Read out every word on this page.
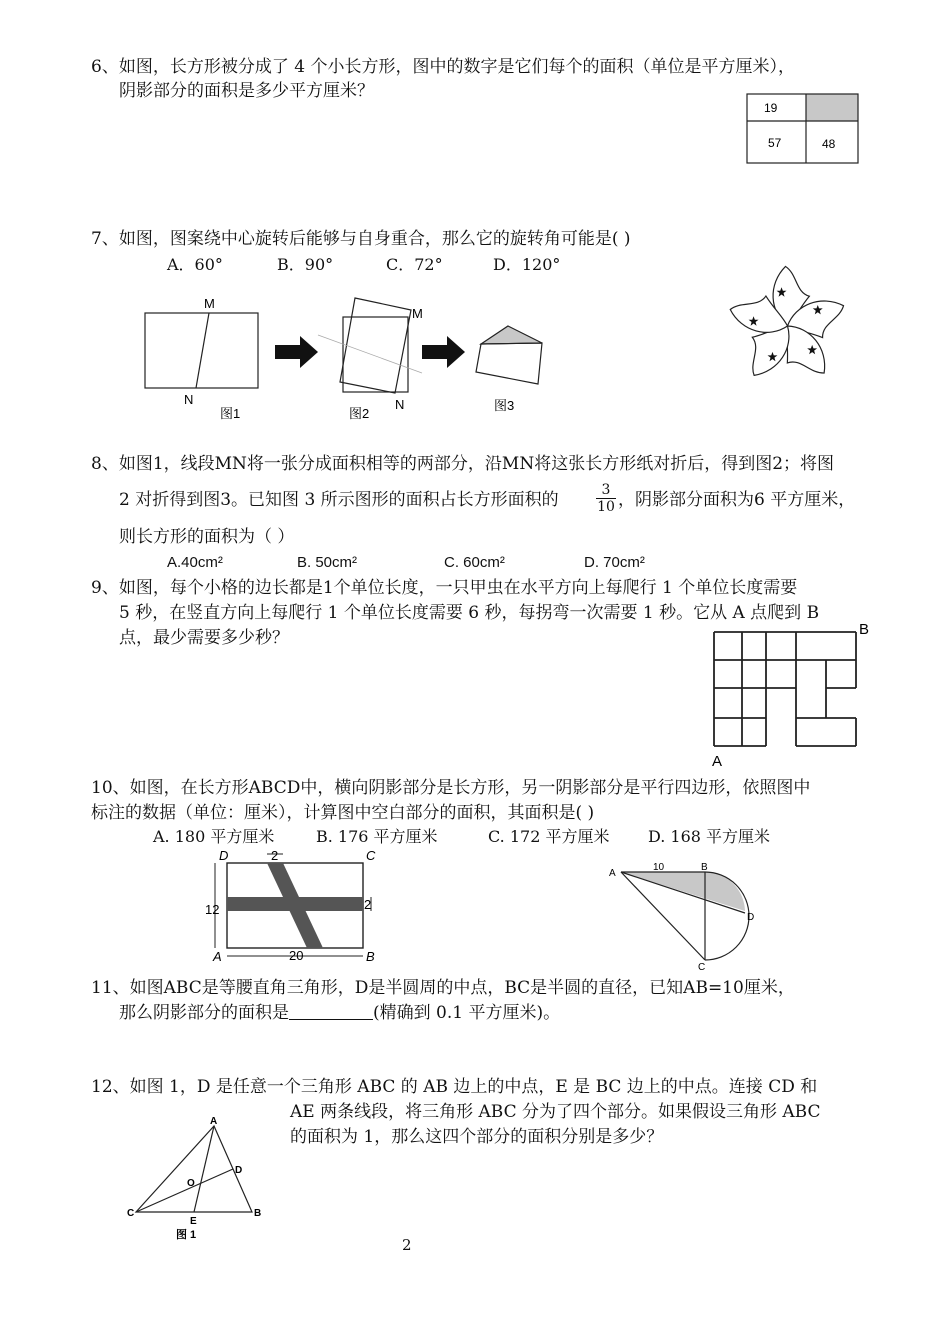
6、如图，长方形被分成了 4 个小长方形，图中的数字是它们每个的面积（单位是平方厘米），
阴影部分的面积是多少平方厘米？
19
57	48
7、如图，图案绕中心旋转后能够与自身重合，那么它的旋转角可能是( )
A．60°	B．90°	C．72°	D．120°
M
N
图1
M
N
图2
图3
8、如图1，线段MN将一张分成面积相等的两部分，沿MN将这张长方形纸对折后，得到图2；将图
2 对折得到图3。已知图 3 所示图形的面积占长方形面积的	$\frac{3}{10}$ ，阴影部分面积为6 平方厘米，
则长方形的面积为（ ）
A.40cm²	B. 50cm²	C. 60cm²	D. 70cm²
9、如图，每个小格的边长都是1个单位长度，一只甲虫在水平方向上每爬行 1 个单位长度需要
5 秒，在竖直方向上每爬行 1 个单位长度需要 6 秒，每拐弯一次需要 1 秒。它从 A 点爬到 B
点，最少需要多少秒？
A
B
10、如图，在长方形ABCD中，横向阴影部分是长方形，另一阴影部分是平行四边形，依照图中
标注的数据（单位：厘米），计算图中空白部分的面积，其面积是( )
A. 180 平方厘米	B. 176 平方厘米	C. 172 平方厘米 D. 168 平方厘米
D	C
A	B
2
2
12
20
A
B
C
D
10
11、如图ABC是等腰直角三角形，D是半圆周的中点，BC是半圆的直径，已知AB=10厘米，
那么阴影部分的面积是	(精确到 0.1 平方厘米)。
12、如图 1，D 是任意一个三角形 ABC 的 AB 边上的中点，E 是 BC 边上的中点。连接 CD 和
AE 两条线段，将三角形 ABC 分为了四个部分。如果假设三角形 ABC
的面积为 1，那么这四个部分的面积分别是多少？
A
C	B
D
E
O
图 1
2
